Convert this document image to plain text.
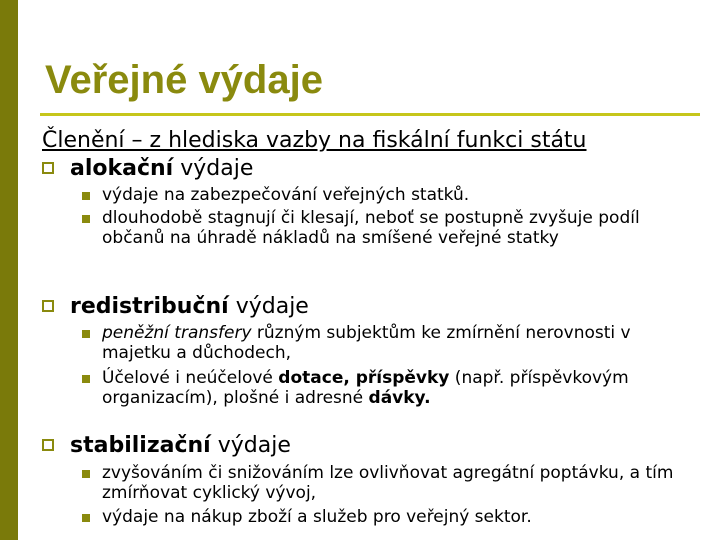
Veřejné výdaje
Členění – z hlediska vazby na fiskální funkci státu
alokační výdaje
výdaje na zabezpečování veřejných statků.
dlouhodobě stagnují či klesají, neboť se postupně zvyšuje podíl občanů na úhradě nákladů na smíšené veřejné statky
redistribuční výdaje
peněžní transfery různým subjektům ke zmírnění nerovnosti v majetku a důchodech,
Účelové i neúčelové dotace, příspěvky (např. příspěvkovým organizacím), plošné i adresné dávky.
stabilizační výdaje
zvyšováním či snižováním lze ovlivňovat agregátní poptávku, a tím zmírňovat cyklický vývoj,
výdaje na nákup zboží a služeb pro veřejný sektor.
